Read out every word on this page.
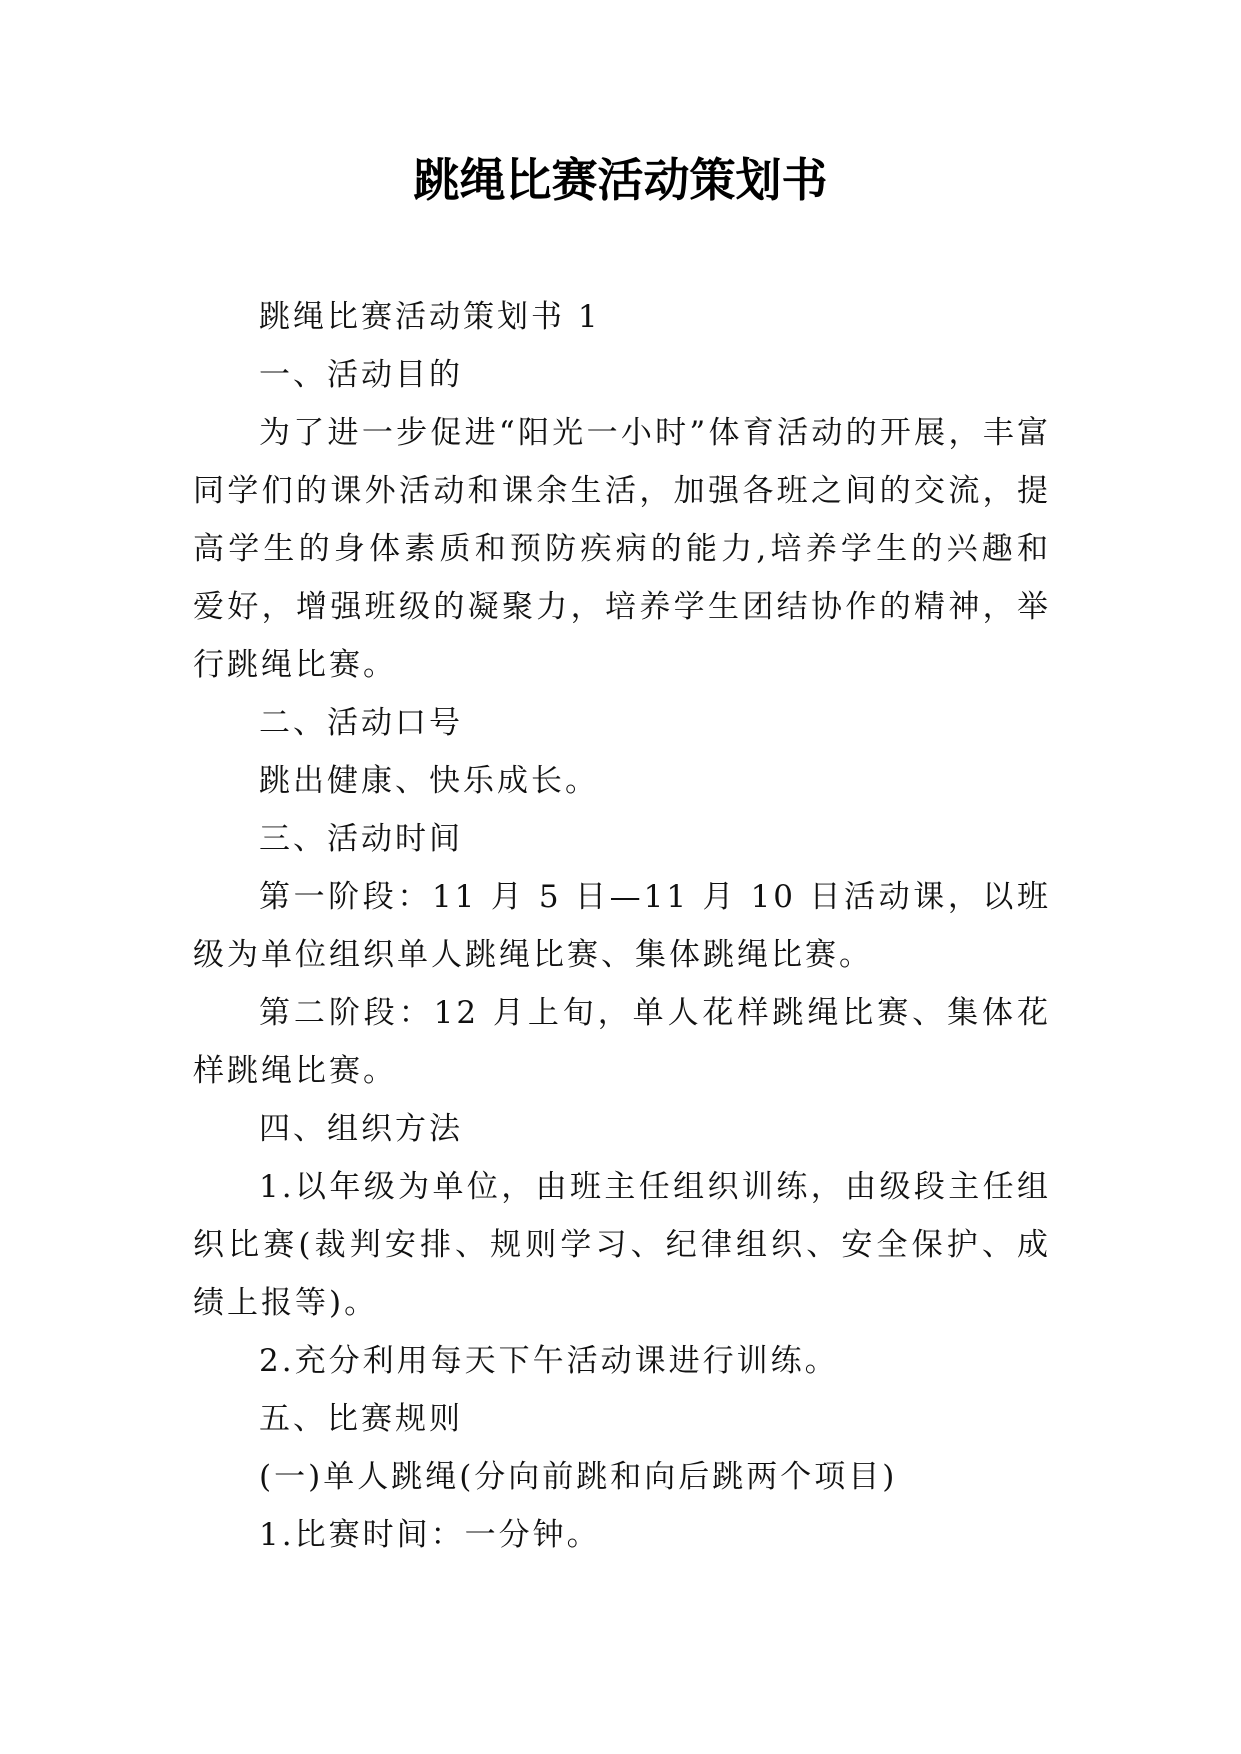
跳绳比赛活动策划书

跳绳比赛活动策划书 1

一、活动目的

为了进一步促进“阳光一小时”体育活动的开展，丰富同学们的课外活动和课余生活，加强各班之间的交流，提高学生的身体素质和预防疾病的能力,培养学生的兴趣和爱好，增强班级的凝聚力，培养学生团结协作的精神，举行跳绳比赛。

二、活动口号

跳出健康、快乐成长。

三、活动时间

第一阶段：11 月 5 日—11 月 10 日活动课，以班级为单位组织单人跳绳比赛、集体跳绳比赛。

第二阶段：12 月上旬，单人花样跳绳比赛、集体花样跳绳比赛。

四、组织方法

1.以年级为单位，由班主任组织训练，由级段主任组织比赛(裁判安排、规则学习、纪律组织、安全保护、成绩上报等)。

2.充分利用每天下午活动课进行训练。

五、比赛规则

(一)单人跳绳(分向前跳和向后跳两个项目)

1.比赛时间：一分钟。
